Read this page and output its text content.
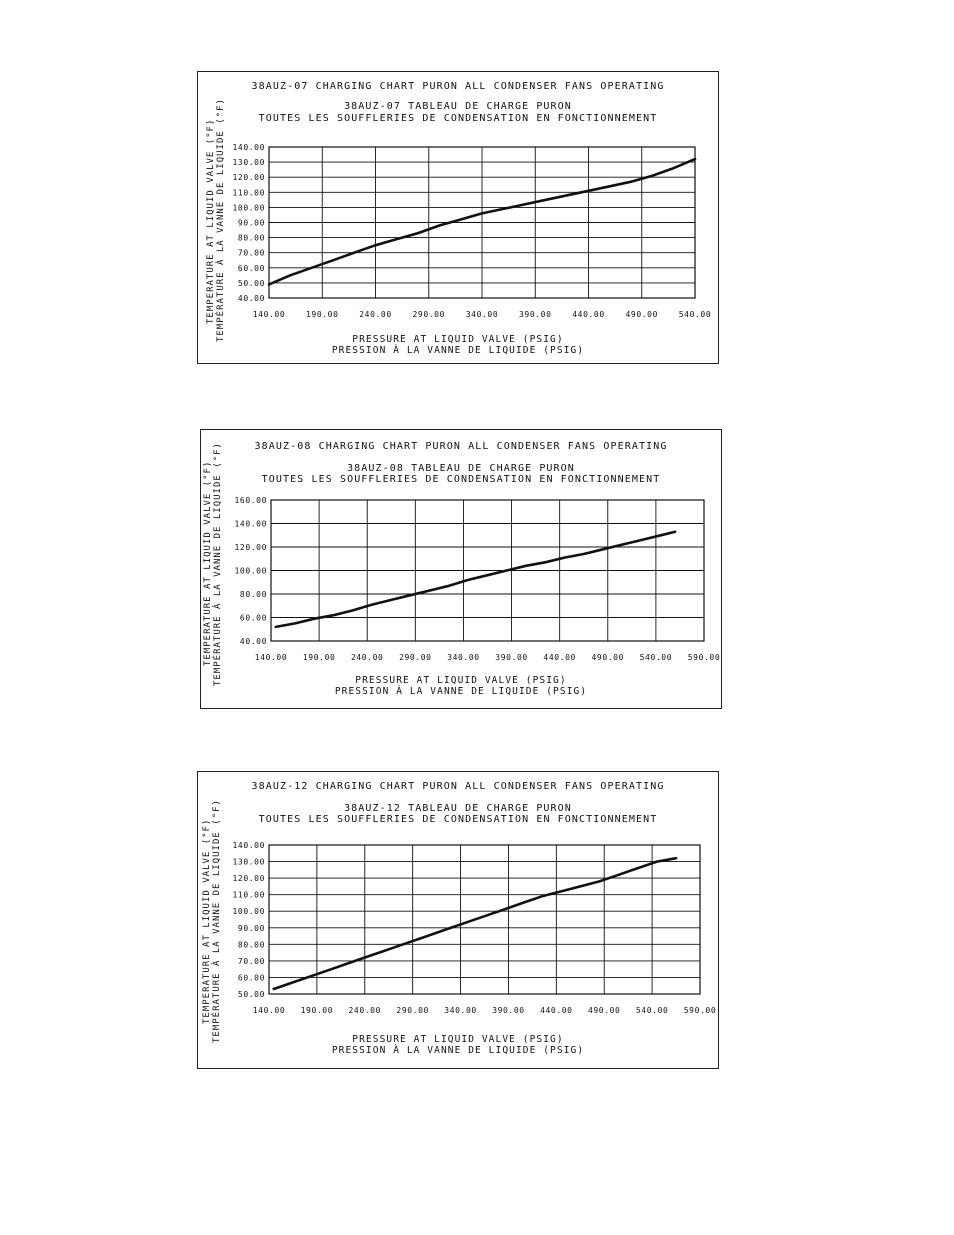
38AUZ-07 CHARGING CHART PURON ALL CONDENSER FANS OPERATING
38AUZ-07 TABLEAU DE CHARGE PURON
TOUTES LES SOUFFLERIES DE CONDENSATION EN FONCTIONNEMENT
TEMPERATURE AT LIQUID VALVE (°F) TEMPÉRATURE À LA VANNE DE LIQUIDE (°F)	PRESSURE AT LIQUID VALVE (PSIG)
PRESSION À LA VANNE DE LIQUIDE (PSIG)
40.00
50.00
60.00
70.00
80.00
90.00
100.00
110.00
120.00
130.00
140.00
140.00	190.00	240.00	290.00	340.00	390.00	440.00	490.00	540.00
38AUZ-08 CHARGING CHART PURON ALL CONDENSER FANS OPERATING
38AUZ-08 TABLEAU DE CHARGE PURON
TOUTES LES SOUFFLERIES DE CONDENSATION EN FONCTIONNEMENT
TEMPERATURE AT LIQUID VALVE (°F) TEMPÉRATURE À LA VANNE DE LIQUIDE (°F)	PRESSURE AT LIQUID VALVE (PSIG)
PRESSION À LA VANNE DE LIQUIDE (PSIG)
40.00
60.00
80.00
100.00
120.00
140.00
160.00
140.00 190.00 240.00 290.00 340.00 390.00 440.00 490.00 540.00 590.00
38AUZ-12 CHARGING CHART PURON ALL CONDENSER FANS OPERATING
38AUZ-12 TABLEAU DE CHARGE PURON
TOUTES LES SOUFFLERIES DE CONDENSATION EN FONCTIONNEMENT
TEMPERATURE AT LIQUID VALVE (°F) TEMPÉRATURE À LA VANNE DE LIQUIDE (°F)	PRESSURE AT LIQUID VALVE (PSIG)
PRESSION À LA VANNE DE LIQUIDE (PSIG)
50.00
60.00
70.00
80.00
90.00
100.00
110.00
120.00
130.00
140.00
140.00 190.00 240.00 290.00 340.00 390.00 440.00 490.00 540.00 590.00
